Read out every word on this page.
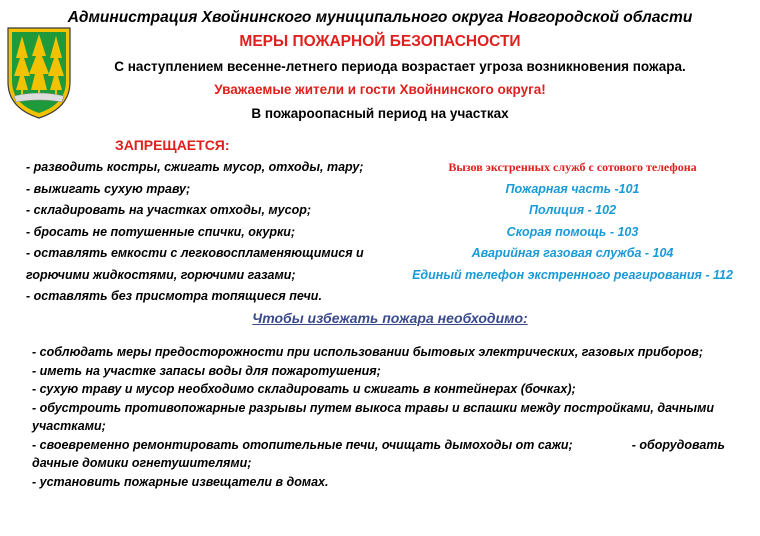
Администрация Хвойнинского муниципального округа Новгородской области
МЕРЫ ПОЖАРНОЙ БЕЗОПАСНОСТИ
С наступлением весенне-летнего периода возрастает угроза возникновения пожара.
Уважаемые жители и гости Хвойнинского округа!
В пожароопасный период на участках
ЗАПРЕЩАЕТСЯ:
- разводить костры, сжигать мусор, отходы, тару;
- выжигать сухую траву;
- складировать на участках отходы, мусор;
- бросать не потушенные спички, окурки;
- оставлять емкости с легковоспламеняющимися и
горючими жидкостями, горючими газами;
- оставлять без присмотра топящиеся печи.
Вызов экстренных служб с сотового телефона
Пожарная часть -101
Полиция - 102
Скорая помощь - 103
Аварийная газовая служба - 104
Единый телефон экстренного реагирования - 112
Чтобы избежать пожара необходимо:
- соблюдать меры предосторожности при использовании бытовых электрических, газовых приборов;
- иметь на участке запасы воды для пожаротушения;
- сухую траву и мусор необходимо складировать и сжигать в контейнерах (бочках);
- обустроить противопожарные разрывы путем выкоса травы и вспашки между постройками, дачными
участками;
- своевременно ремонтировать отопительные печи, очищать дымоходы от сажи;                 - оборудовать
дачные домики огнетушителями;
- установить пожарные извещатели в домах.
